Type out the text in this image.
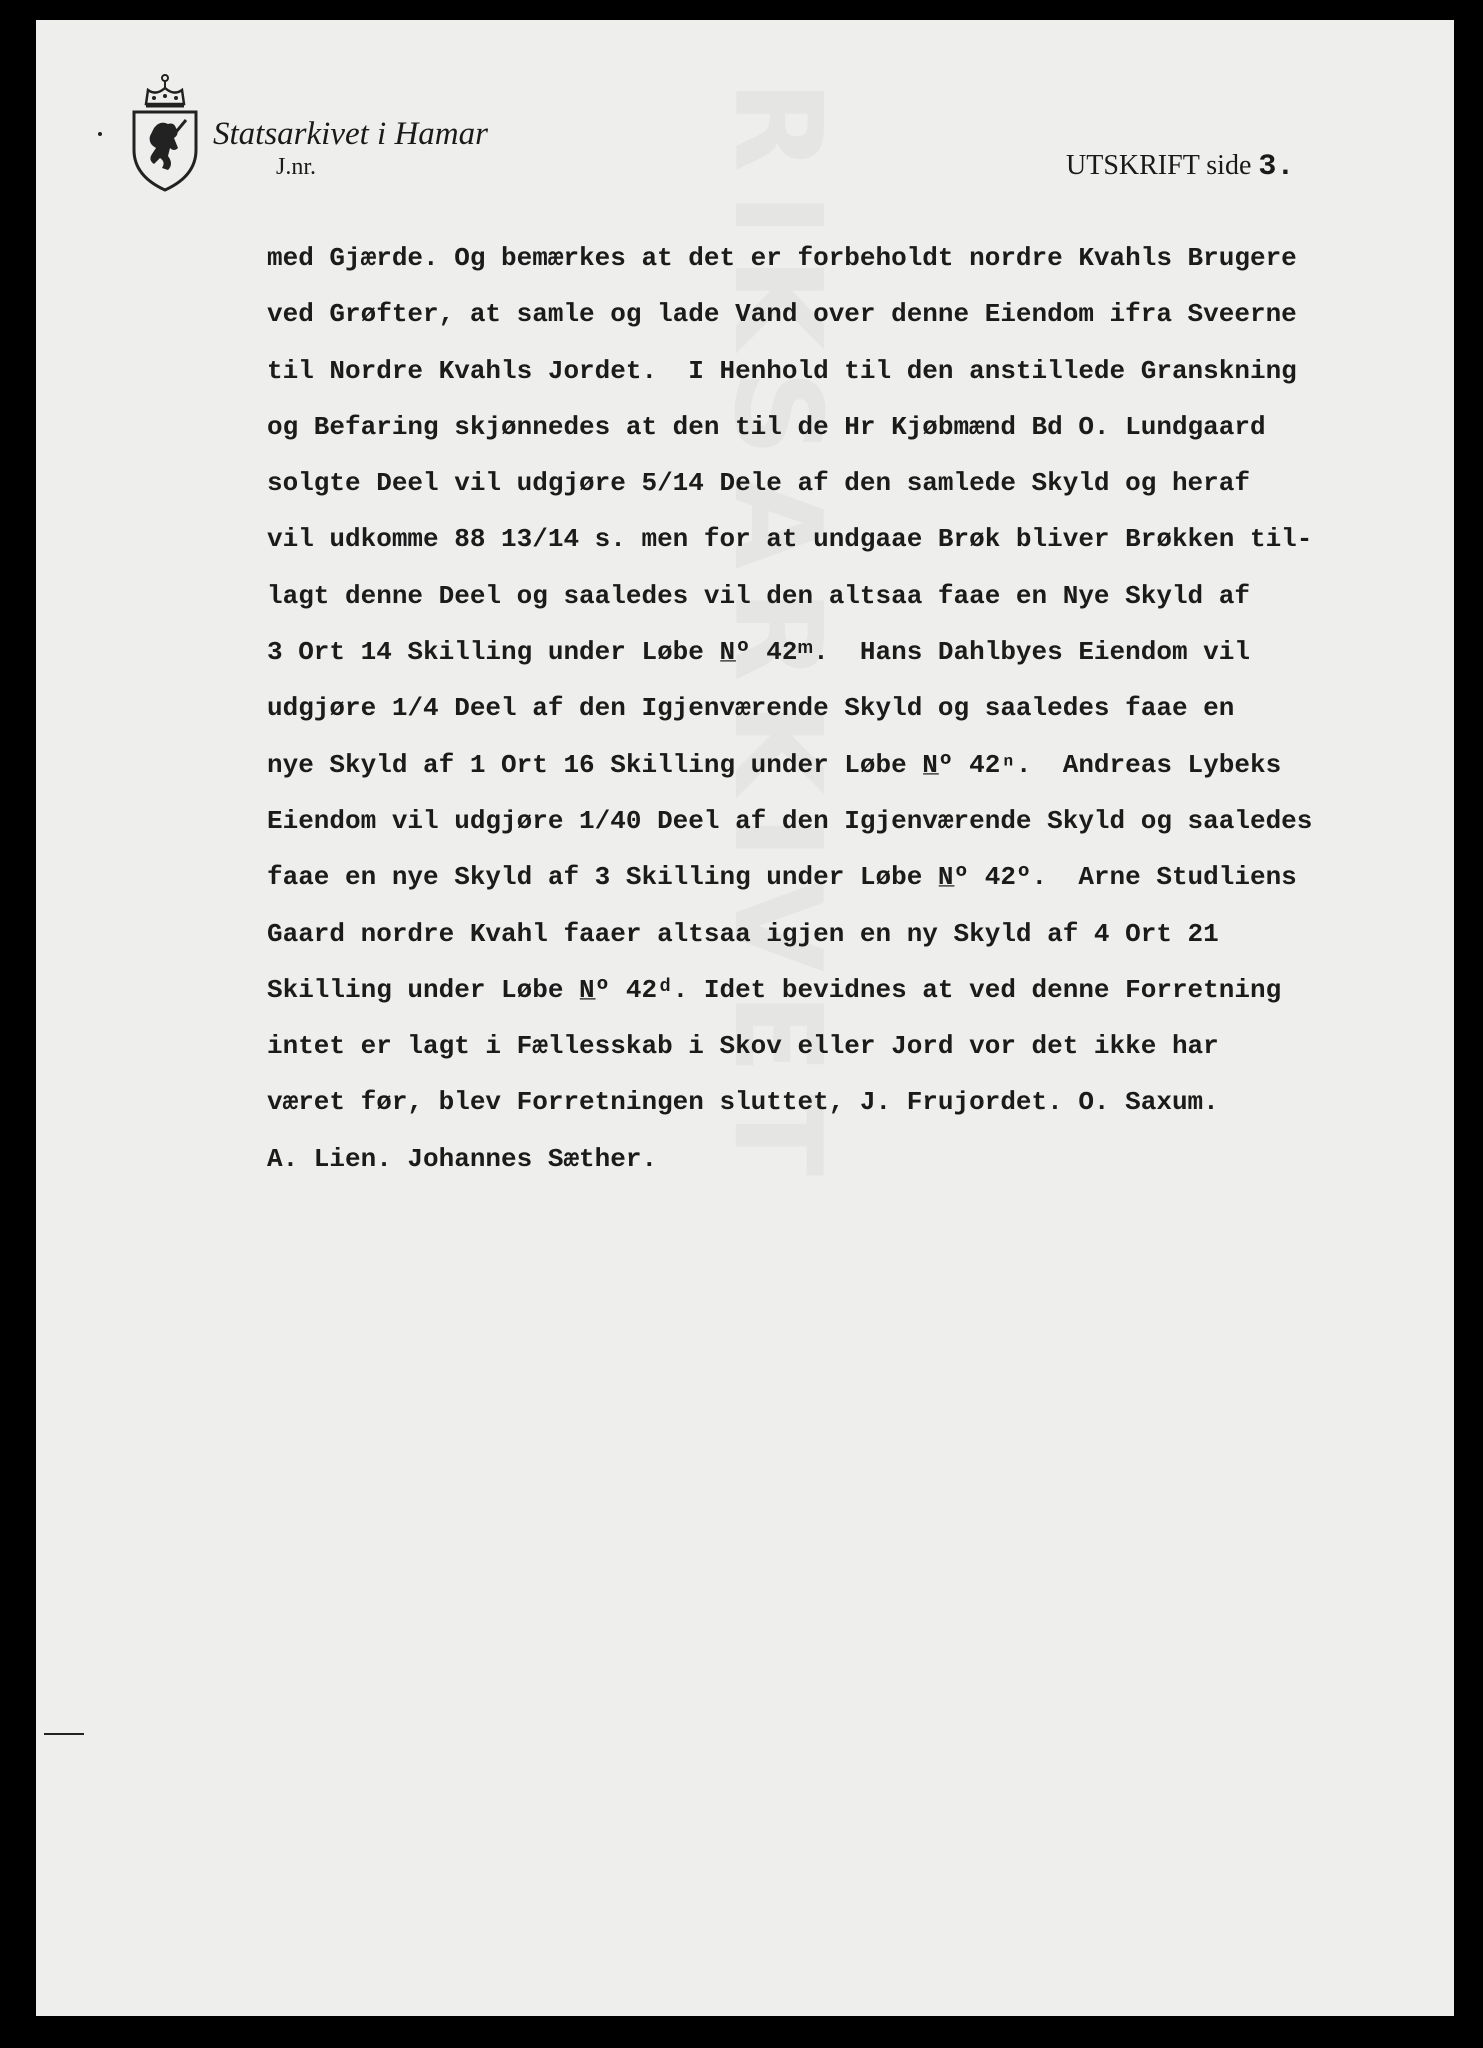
RIKSARKIVET
Statsarkivet i Hamar
J.nr.	UTSKRIFT side 3.
med Gjærde. Og bemærkes at det er forbeholdt nordre Kvahls Brugere
ved Grøfter, at samle og lade Vand over denne Eiendom ifra Sveerne
til Nordre Kvahls Jordet.  I Henhold til den anstillede Granskning
og Befaring skjønnedes at den til de Hr Kjøbmænd Bd O. Lundgaard
solgte Deel vil udgjøre 5/14 Dele af den samlede Skyld og heraf
vil udkomme 88 13/14 s. men for at undgaae Brøk bliver Brøkken til-
lagt denne Deel og saaledes vil den altsaa faae en Nye Skyld af
3 Ort 14 Skilling under Løbe N̲º 42ᵐ.  Hans Dahlbyes Eiendom vil
udgjøre 1/4 Deel af den Igjenværende Skyld og saaledes faae en
nye Skyld af 1 Ort 16 Skilling under Løbe N̲º 42ⁿ.  Andreas Lybeks
Eiendom vil udgjøre 1/40 Deel af den Igjenværende Skyld og saaledes
faae en nye Skyld af 3 Skilling under Løbe N̲º 42º.  Arne Studliens
Gaard nordre Kvahl faaer altsaa igjen en ny Skyld af 4 Ort 21
Skilling under Løbe N̲º 42ᵈ. Idet bevidnes at ved denne Forretning
intet er lagt i Fællesskab i Skov eller Jord vor det ikke har
været før, blev Forretningen sluttet, J. Frujordet. O. Saxum.
A. Lien. Johannes Sæther.
